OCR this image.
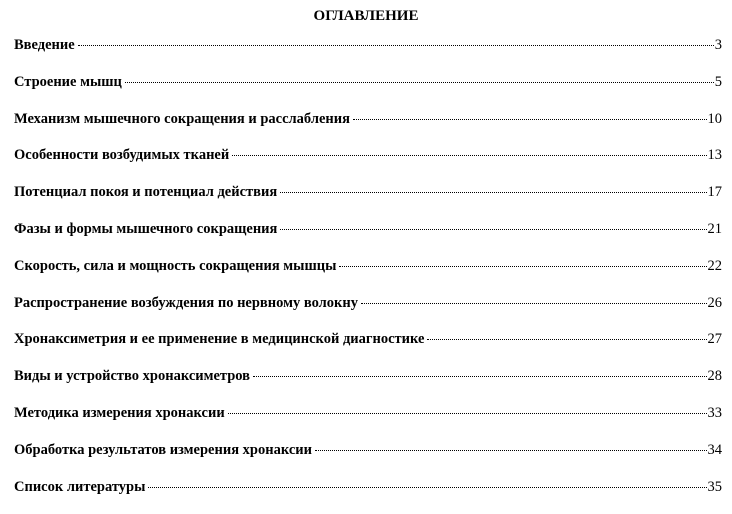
ОГЛАВЛЕНИЕ
Введение	3
Строение мышц	5
Механизм мышечного сокращения и расслабления	10
Особенности возбудимых тканей	13
Потенциал покоя и потенциал действия	17
Фазы и формы мышечного сокращения	21
Скорость, сила и мощность сокращения мышцы	22
Распространение возбуждения по нервному волокну	26
Хронаксиметрия и ее применение в медицинской диагностике	27
Виды и устройство хронаксиметров	28
Методика измерения хронаксии	33
Обработка результатов измерения хронаксии	34
Список литературы	35
